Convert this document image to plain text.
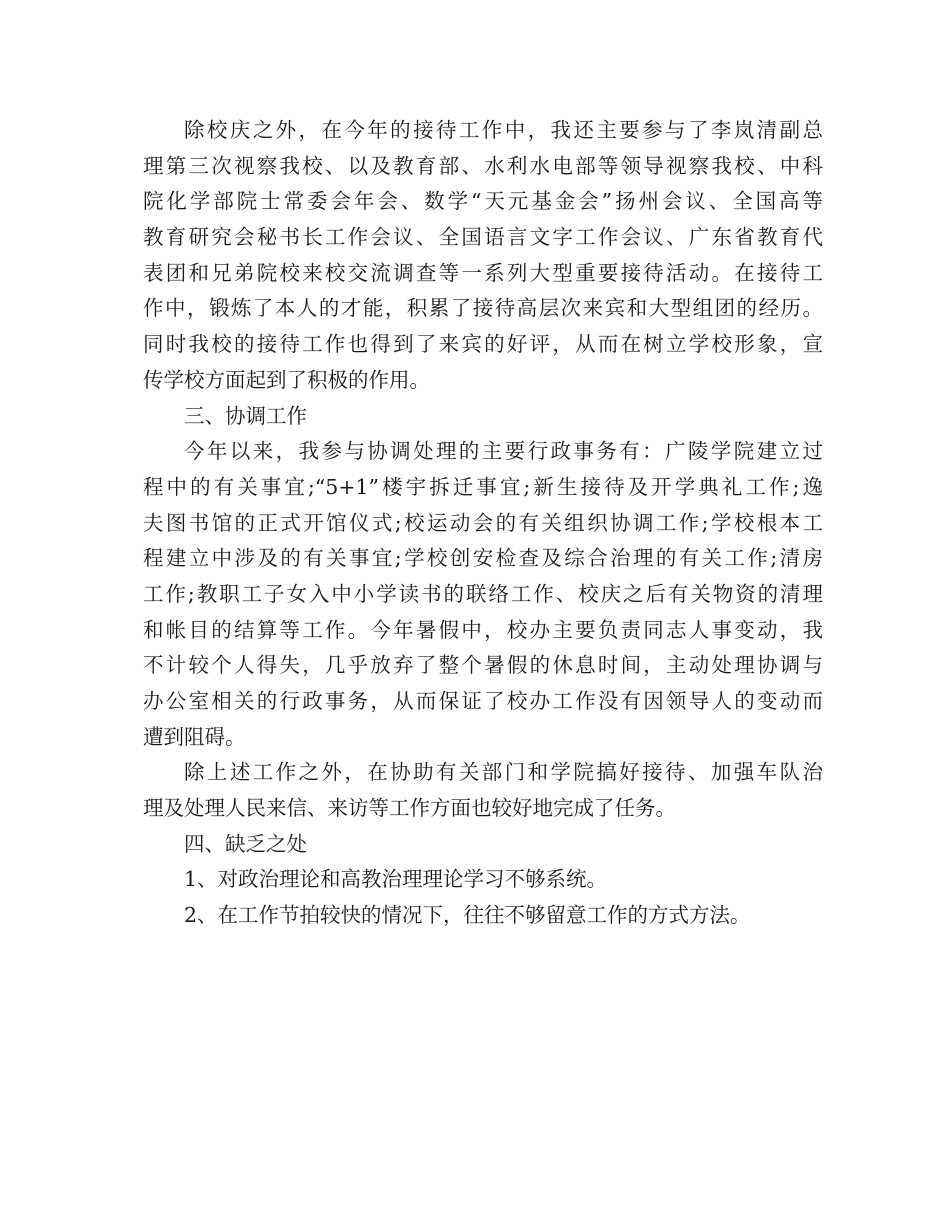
除校庆之外，在今年的接待工作中，我还主要参与了李岚清副总
理第三次视察我校、以及教育部、水利水电部等领导视察我校、中科
院化学部院士常委会年会、数学“天元基金会”扬州会议、全国高等
教育研究会秘书长工作会议、全国语言文字工作会议、广东省教育代
表团和兄弟院校来校交流调查等一系列大型重要接待活动。在接待工
作中，锻炼了本人的才能，积累了接待高层次来宾和大型组团的经历。
同时我校的接待工作也得到了来宾的好评，从而在树立学校形象，宣
传学校方面起到了积极的作用。
三、协调工作
今年以来，我参与协调处理的主要行政事务有：广陵学院建立过
程中的有关事宜;“5+1”楼宇拆迁事宜;新生接待及开学典礼工作;逸
夫图书馆的正式开馆仪式;校运动会的有关组织协调工作;学校根本工
程建立中涉及的有关事宜;学校创安检查及综合治理的有关工作;清房
工作;教职工子女入中小学读书的联络工作、校庆之后有关物资的清理
和帐目的结算等工作。今年暑假中，校办主要负责同志人事变动，我
不计较个人得失，几乎放弃了整个暑假的休息时间，主动处理协调与
办公室相关的行政事务，从而保证了校办工作没有因领导人的变动而
遭到阻碍。
除上述工作之外，在协助有关部门和学院搞好接待、加强车队治
理及处理人民来信、来访等工作方面也较好地完成了任务。
四、缺乏之处
1、对政治理论和高教治理理论学习不够系统。
2、在工作节拍较快的情况下，往往不够留意工作的方式方法。
